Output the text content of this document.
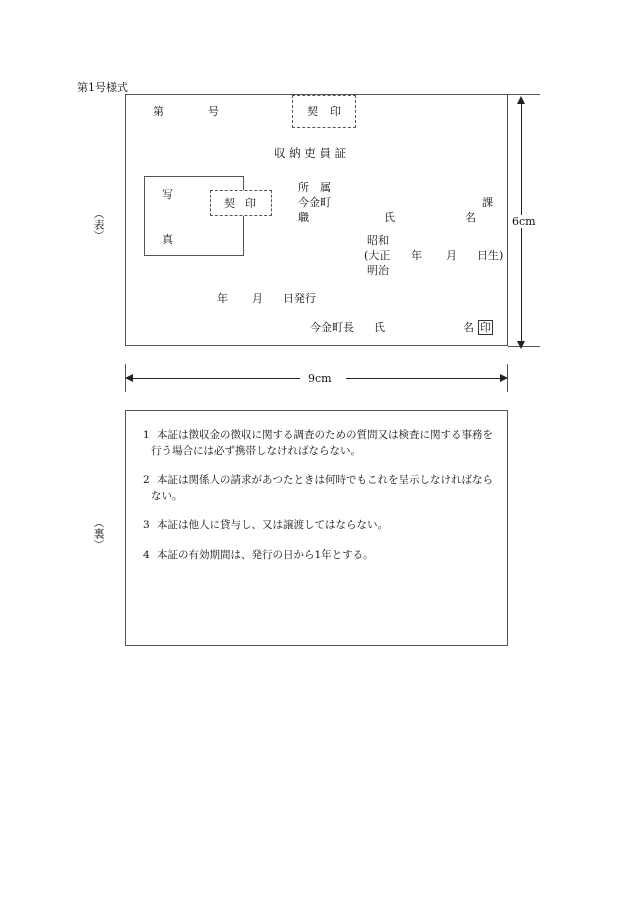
第1号様式
（表）
第	号	契印
収 納 吏 員 証
写
真
契印
所　属
今金町	課
職	氏	名
昭和
(大正 年 月 日生)
明治
年 月 日発行
今金町長 氏	名 印
6cm
9cm
（裏）
1 本証は徴収金の徴収に関する調査のための質問又は検査に関する事務を
行う場合には必ず携帯しなければならない。
2 本証は関係人の請求があつたときは何時でもこれを呈示しなければなら
ない。
3 本証は他人に貸与し、又は譲渡してはならない。
4 本証の有効期間は、発行の日から1年とする。
